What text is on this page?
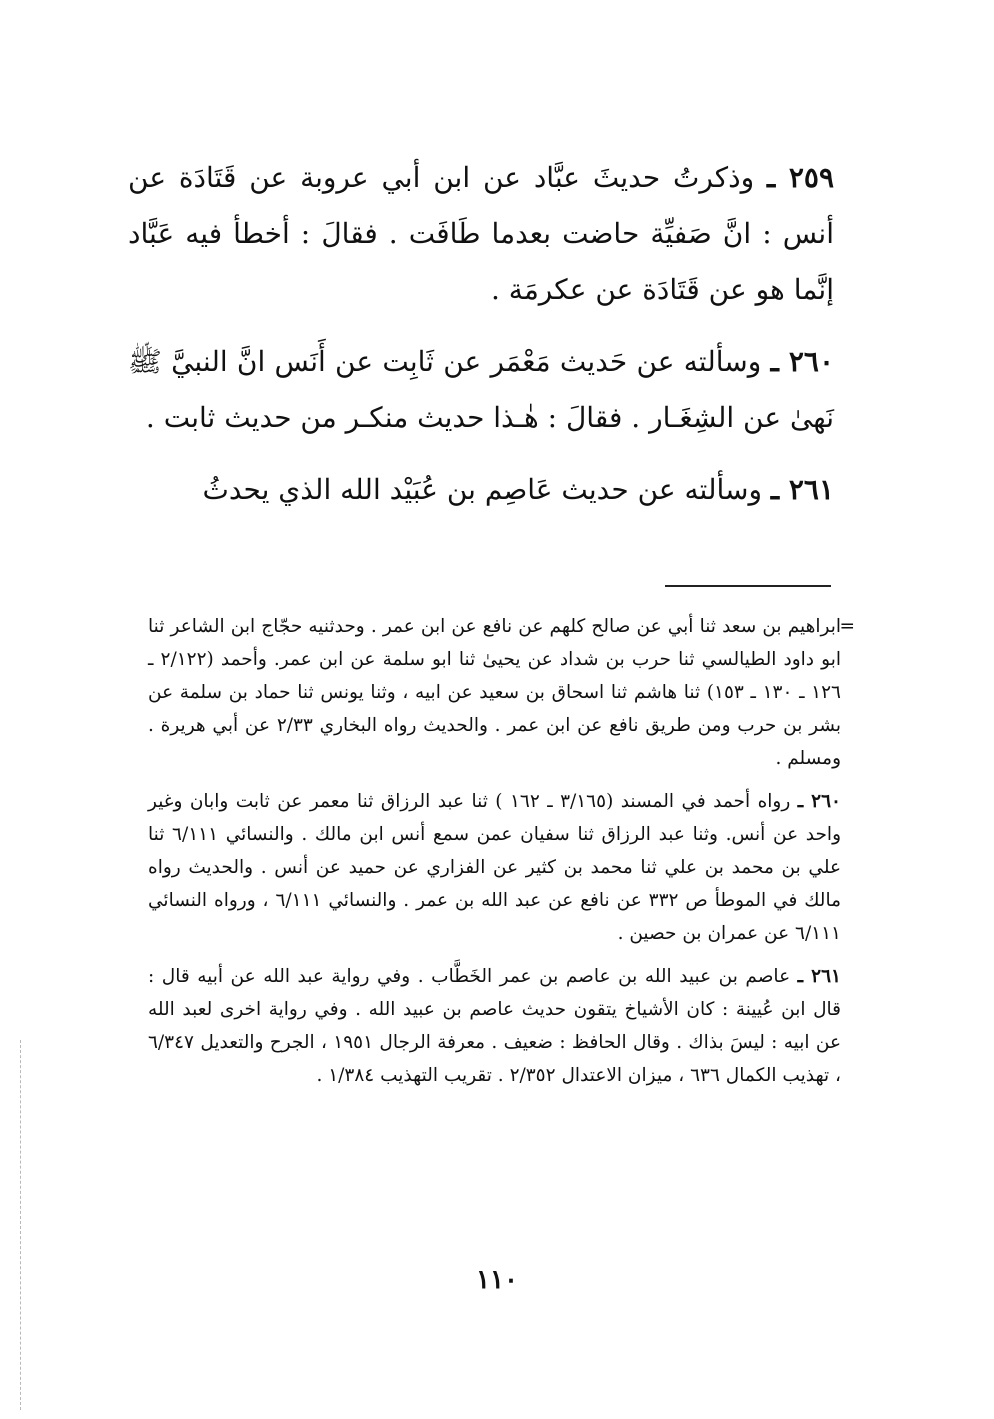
٢٥٩ ـ وذكرتُ حديثَ عبَّاد عن ابن أبي عروبة عن قَتَادَة عن أنس : انَّ صَفيِّة حاضت بعدما طَافَت . فقالَ : أخطأ فيه عَبَّاد إنَّما هو عن قَتَادَة عن عكرمَة .

٢٦٠ ـ وسألته عن حَديث مَعْمَر عن ثَابِت عن أَنَس انَّ النبيَّ ﷺ نَهىٰ عن الشِغَـار . فقالَ : هٰـذا حديث منكـر من حديث ثابت .

٢٦١ ـ وسألته عن حديث عَاصِم بن عُبَيْد الله الذي يحدثُ

=
ابراهيم بن سعد ثنا أبي عن صالح كلهم عن نافع عن ابن عمر . وحدثنيه حجّاج ابن الشاعر ثنا ابو داود الطيالسي ثنا حرب بن شداد عن يحيىٰ ثنا ابو سلمة عن ابن عمر. وأحمد (٢/١٢٢ ـ ١٢٦ ـ ١٣٠ ـ ١٥٣) ثنا هاشم ثنا اسحاق بن سعيد عن ابيه ، وثنا يونس ثنا حماد بن سلمة عن بشر بن حرب ومن طريق نافع عن ابن عمر . والحديث رواه البخاري ٢/٣٣ عن أبي هريرة . ومسلم .

٢٦٠ ـ رواه أحمد في المسند (٣/١٦٥ ـ ١٦٢ ) ثنا عبد الرزاق ثنا معمر عن ثابت وابان وغير واحد عن أنس. وثنا عبد الرزاق ثنا سفيان عمن سمع أنس ابن مالك . والنسائي ٦/١١١ ثنا علي بن محمد بن علي ثنا محمد بن كثير عن الفزاري عن حميد عن أنس . والحديث رواه مالك في الموطأ ص ٣٣٢ عن نافع عن عبد الله بن عمر . والنسائي ٦/١١١ ، ورواه النسائي ٦/١١١ عن عمران بن حصين .

٢٦١ ـ عاصم بن عبيد الله بن عاصم بن عمر الخَطَّاب . وفي رواية عبد الله عن أبيه قال : قال ابن عُيينة : كان الأشياخ يتقون حديث عاصم بن عبيد الله . وفي رواية اخرى لعبد الله عن ابيه : ليسَ بذاك . وقال الحافظ : ضعيف . معرفة الرجال ١٩٥١ ، الجرح والتعديل ٦/٣٤٧ ، تهذيب الكمال ٦٣٦ ، ميزان الاعتدال ٢/٣٥٢ . تقريب التهذيب ١/٣٨٤ .

١١٠
